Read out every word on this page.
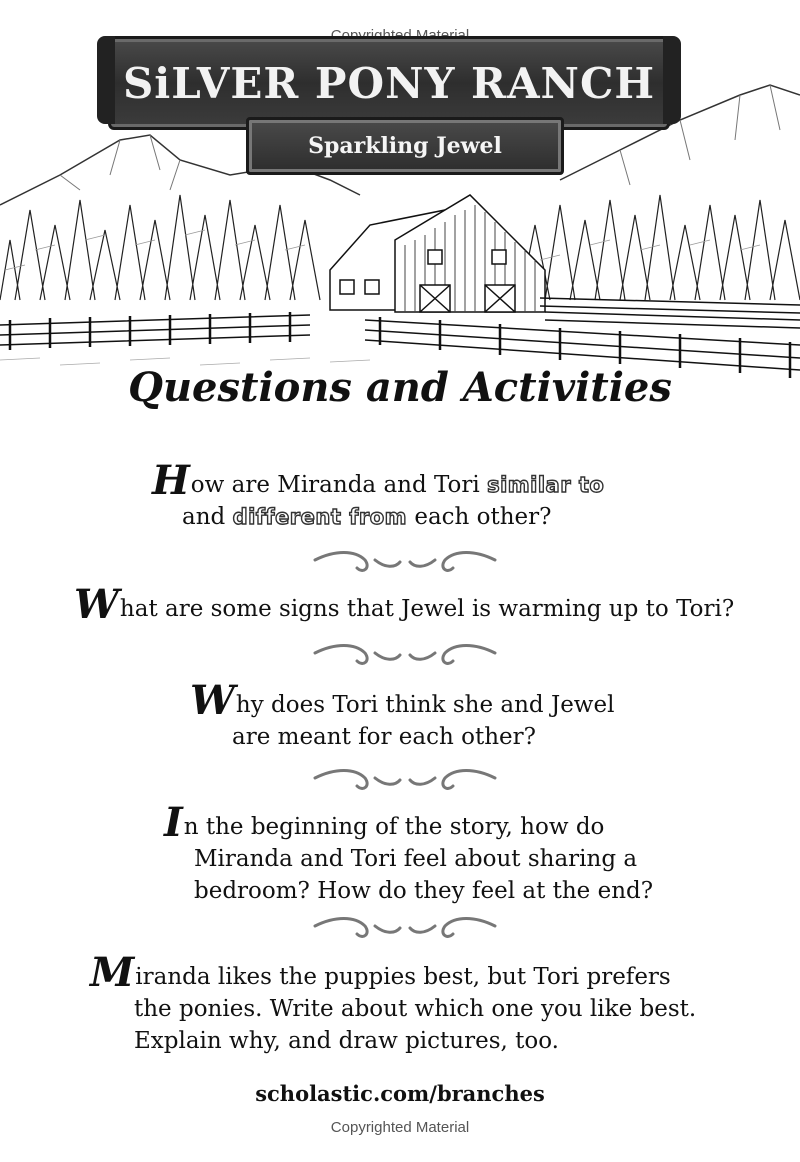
SiLVER PONY RANCH
Sparkling Jewel
Questions and Activities
How are Miranda and Tori similar to
and different from each other?
What are some signs that Jewel is warming up to Tori?
Why does Tori think she and Jewel
are meant for each other?
In the beginning of the story, how do
Miranda and Tori feel about sharing a
bedroom? How do they feel at the end?
Miranda likes the puppies best, but Tori prefers
the ponies. Write about which one you like best.
Explain why, and draw pictures, too.
scholastic.com/branches
Copyrighted Material
